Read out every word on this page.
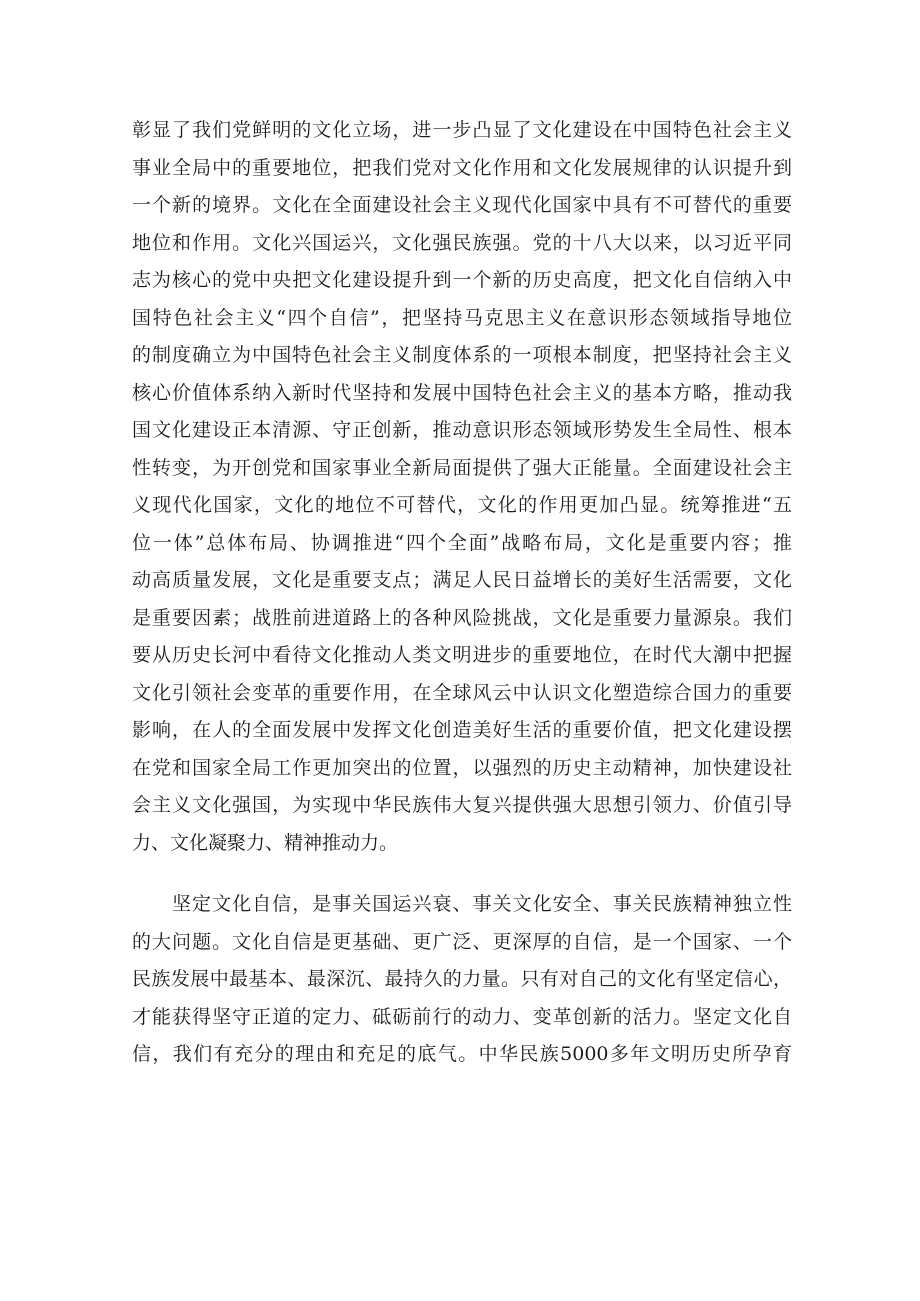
彰显了我们党鲜明的文化立场，进一步凸显了文化建设在中国特色社会主义
事业全局中的重要地位，把我们党对文化作用和文化发展规律的认识提升到
一个新的境界。文化在全面建设社会主义现代化国家中具有不可替代的重要
地位和作用。文化兴国运兴，文化强民族强。党的十八大以来，以习近平同
志为核心的党中央把文化建设提升到一个新的历史高度，把文化自信纳入中
国特色社会主义“四个自信”，把坚持马克思主义在意识形态领域指导地位
的制度确立为中国特色社会主义制度体系的一项根本制度，把坚持社会主义
核心价值体系纳入新时代坚持和发展中国特色社会主义的基本方略，推动我
国文化建设正本清源、守正创新，推动意识形态领域形势发生全局性、根本
性转变，为开创党和国家事业全新局面提供了强大正能量。全面建设社会主
义现代化国家，文化的地位不可替代，文化的作用更加凸显。统筹推进“五
位一体”总体布局、协调推进“四个全面”战略布局，文化是重要内容；推
动高质量发展，文化是重要支点；满足人民日益增长的美好生活需要，文化
是重要因素；战胜前进道路上的各种风险挑战，文化是重要力量源泉。我们
要从历史长河中看待文化推动人类文明进步的重要地位，在时代大潮中把握
文化引领社会变革的重要作用，在全球风云中认识文化塑造综合国力的重要
影响，在人的全面发展中发挥文化创造美好生活的重要价值，把文化建设摆
在党和国家全局工作更加突出的位置，以强烈的历史主动精神，加快建设社
会主义文化强国，为实现中华民族伟大复兴提供强大思想引领力、价值引导
力、文化凝聚力、精神推动力。
坚定文化自信，是事关国运兴衰、事关文化安全、事关民族精神独立性
的大问题。文化自信是更基础、更广泛、更深厚的自信，是一个国家、一个
民族发展中最基本、最深沉、最持久的力量。只有对自己的文化有坚定信心，
才能获得坚守正道的定力、砥砺前行的动力、变革创新的活力。坚定文化自
信，我们有充分的理由和充足的底气。中华民族5000多年文明历史所孕育
